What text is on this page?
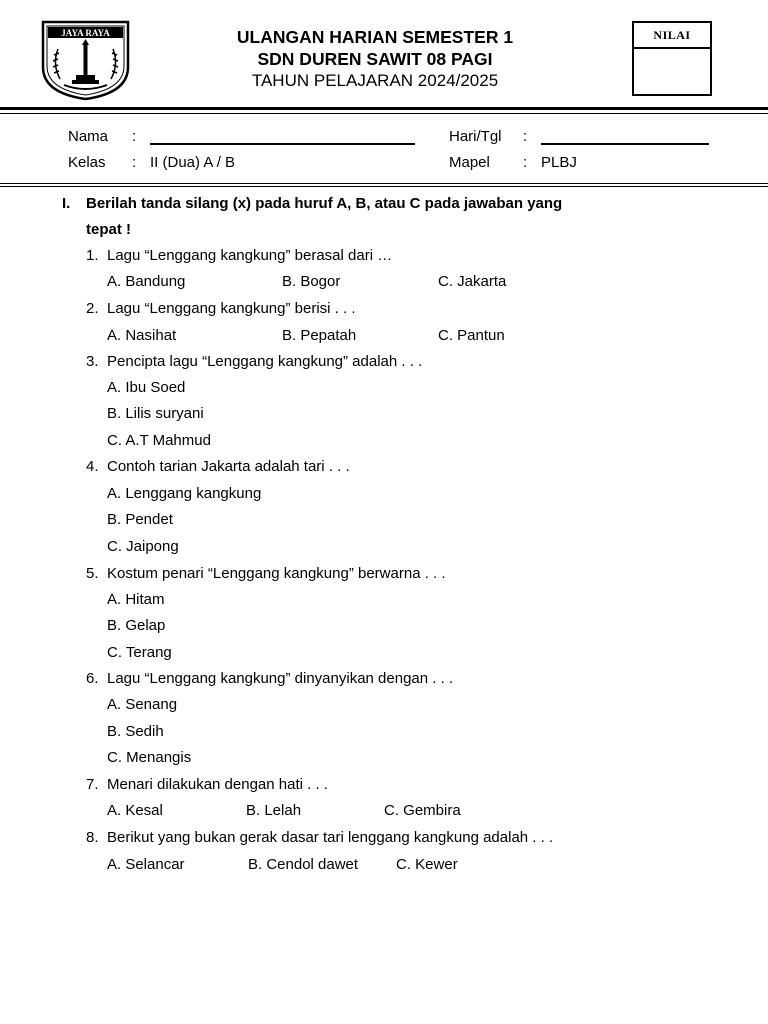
JAYA RAYA	ULANGAN HARIAN SEMESTER 1
SDN DUREN SAWIT 08 PAGI
TAHUN PELAJARAN 2024/2025
NILAI
Nama :	Hari/Tgl :
Kelas : II (Dua) A / B	Mapel : PLBJ
I. Berilah tanda silang (x) pada huruf A, B, atau C pada jawaban yang
tepat !
1. Lagu “Lenggang kangkung” berasal dari …
A. Bandung	B. Bogor	C. Jakarta
2. Lagu “Lenggang kangkung” berisi . . .
A. Nasihat	B. Pepatah	C. Pantun
3. Pencipta lagu “Lenggang kangkung” adalah . . .
A. Ibu Soed
B. Lilis suryani
C. A.T Mahmud
4. Contoh tarian Jakarta adalah tari . . .
A. Lenggang kangkung
B. Pendet
C. Jaipong
5. Kostum penari “Lenggang kangkung” berwarna . . .
A. Hitam
B. Gelap
C. Terang
6. Lagu “Lenggang kangkung” dinyanyikan dengan . . .
A. Senang
B. Sedih
C. Menangis
7. Menari dilakukan dengan hati . . .
A. Kesal	B. Lelah	C. Gembira
8. Berikut yang bukan gerak dasar tari lenggang kangkung adalah . . .
A. Selancar	B. Cendol dawet	C. Kewer
